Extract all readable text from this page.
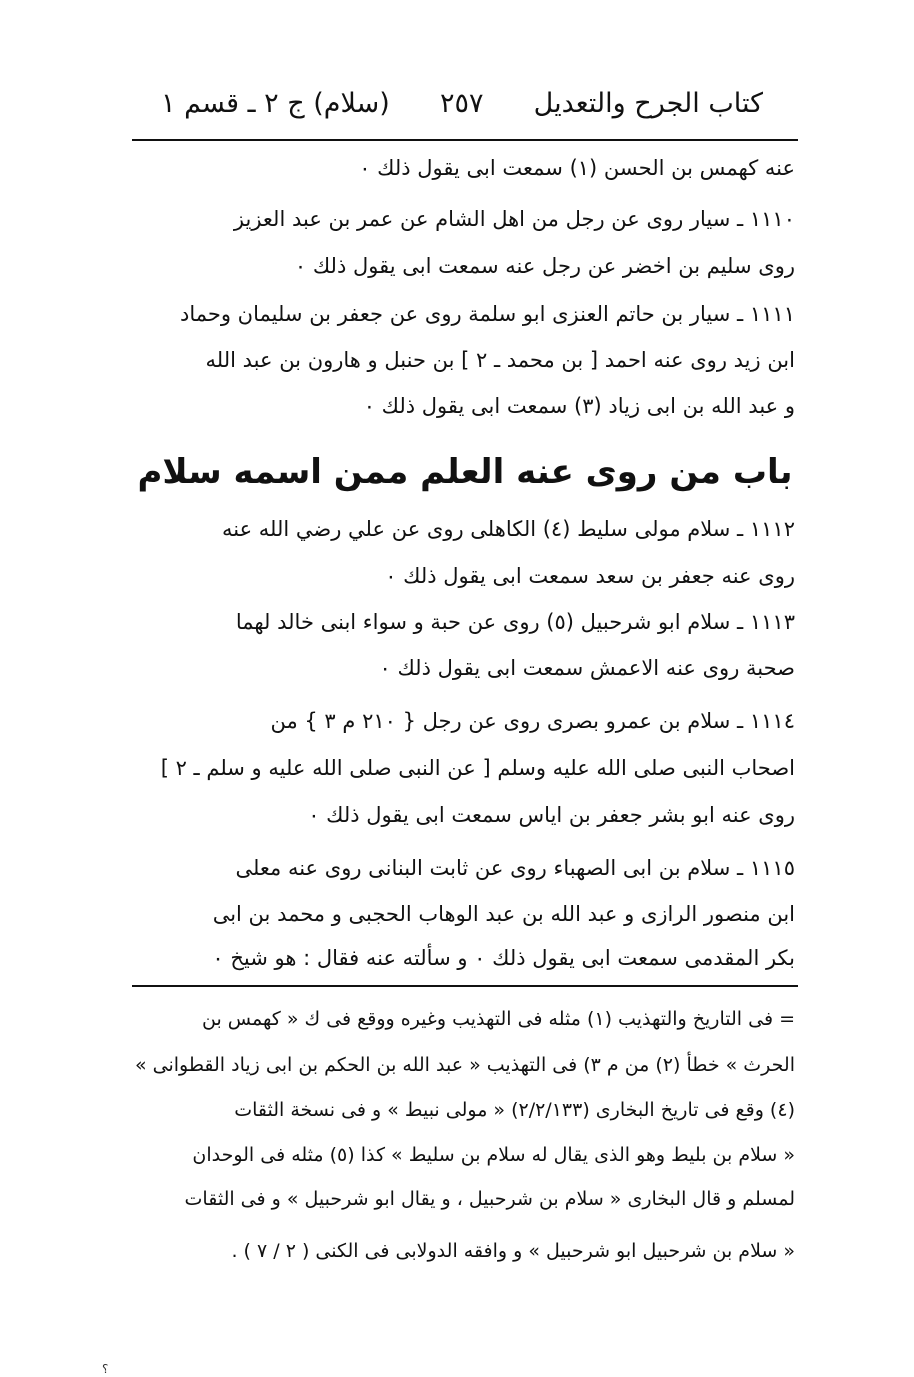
كتاب الجرح والتعديل
٢٥٧
(سلام) ج ٢ ـ قسم ١
عنه كهمس بن الحسن (١) سمعت ابى يقول ذلك ٠
١١١٠ ـ سيار روى عن رجل من اهل الشام عن عمر بن عبد العزيز
روى سليم بن اخضر عن رجل عنه سمعت ابى يقول ذلك ٠
١١١١ ـ سيار بن حاتم العنزى ابو سلمة روى عن جعفر بن سليمان وحماد
ابن زيد روى عنه احمد [ بن محمد ـ ٢ ] بن حنبل و هارون بن عبد الله
و عبد الله بن ابى زياد (٣) سمعت ابى يقول ذلك ٠
باب من روى عنه العلم ممن اسمه سلام
١١١٢ ـ سلام مولى سليط (٤) الكاهلى روى عن علي رضي الله عنه
روى عنه جعفر بن سعد سمعت ابى يقول ذلك ٠
١١١٣ ـ سلام ابو شرحبيل (٥) روى عن حبة و سواء ابنى خالد لهما
صحبة روى عنه الاعمش سمعت ابى يقول ذلك ٠
١١١٤ ـ سلام بن عمرو بصرى روى عن رجل { ٢١٠ م ٣ } من
اصحاب النبى صلى الله عليه وسلم [ عن النبى صلى الله عليه و سلم ـ ٢ ]
روى عنه ابو بشر جعفر بن اياس سمعت ابى يقول ذلك ٠
١١١٥ ـ سلام بن ابى الصهباء روى عن ثابت البنانى روى عنه معلى
ابن منصور الرازى و عبد الله بن عبد الوهاب الحجبى و محمد بن ابى
بكر المقدمى سمعت ابى يقول ذلك ٠ و سألته عنه فقال : هو شيخ ٠
= فى التاريخ والتهذيب (١) مثله فى التهذيب وغيره ووقع فى ك « كهمس بن
الحرث » خطأ (٢) من م ٣) فى التهذيب « عبد الله بن الحكم بن ابى زياد القطوانى »
(٤) وقع فى تاريخ البخارى (٢/٢/١٣٣) « مولى نبيط » و فى نسخة الثقات
« سلام بن بليط وهو الذى يقال له سلام بن سليط » كذا (٥) مثله فى الوحدان
لمسلم و قال البخارى « سلام بن شرحبيل ، و يقال ابو شرحبيل » و فى الثقات
« سلام بن شرحبيل ابو شرحبيل » و وافقه الدولابى فى الكنى ( ٢ / ٧ ) .
؟
